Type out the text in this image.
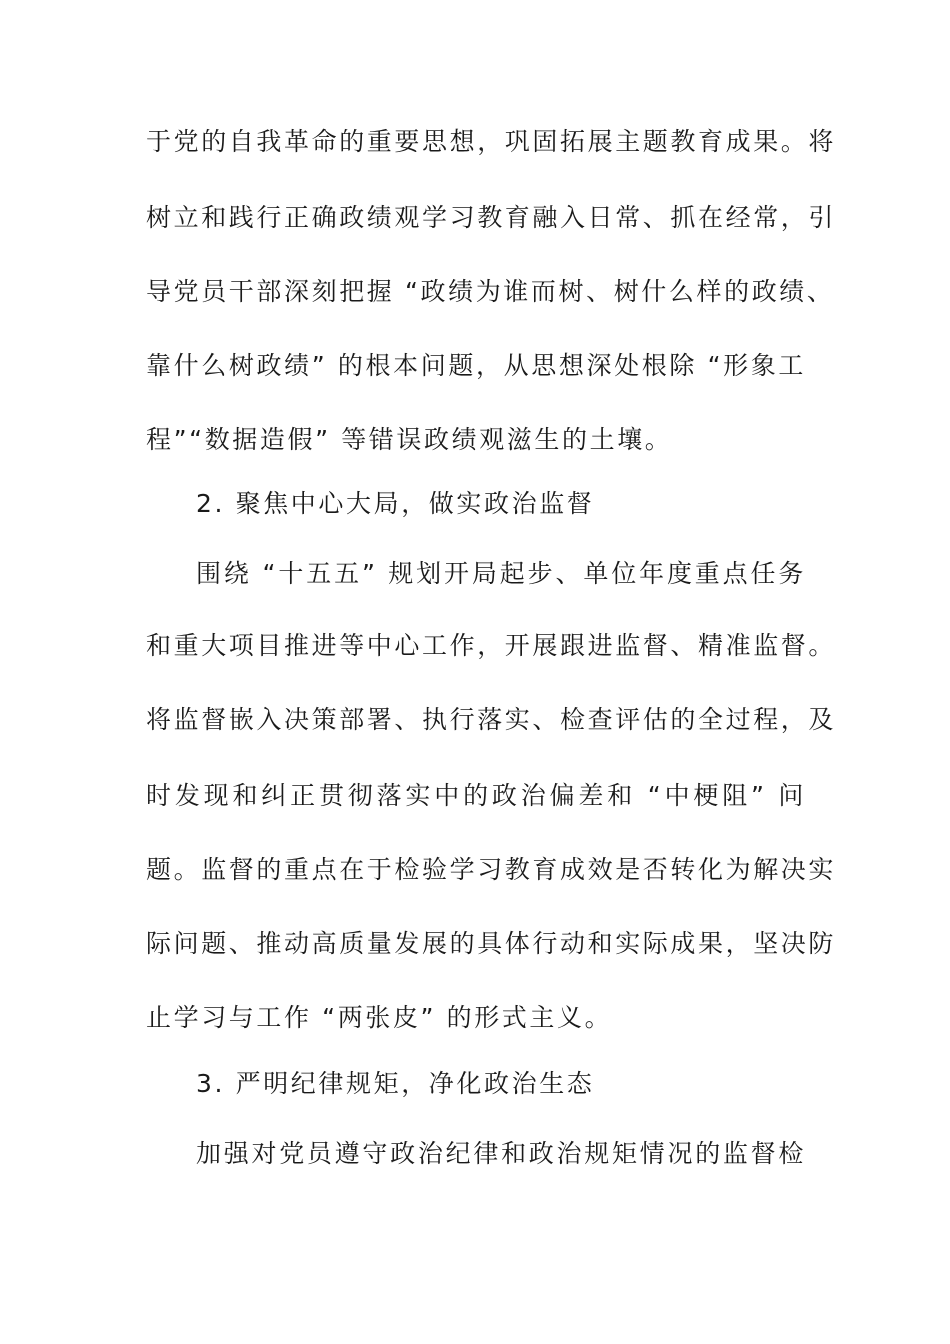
于党的自我革命的重要思想，巩固拓展主题教育成果。将
树立和践行正确政绩观学习教育融入日常、抓在经常，引
导党员干部深刻把握 “政绩为谁而树、树什么样的政绩、
靠什么树政绩” 的根本问题，从思想深处根除 “形象工
程”“数据造假” 等错误政绩观滋生的土壤。
2. 聚焦中心大局，做实政治监督
围绕 “十五五” 规划开局起步、单位年度重点任务
和重大项目推进等中心工作，开展跟进监督、精准监督。
将监督嵌入决策部署、执行落实、检查评估的全过程，及
时发现和纠正贯彻落实中的政治偏差和 “中梗阻” 问
题。监督的重点在于检验学习教育成效是否转化为解决实
际问题、推动高质量发展的具体行动和实际成果，坚决防
止学习与工作 “两张皮” 的形式主义。
3. 严明纪律规矩，净化政治生态
加强对党员遵守政治纪律和政治规矩情况的监督检
